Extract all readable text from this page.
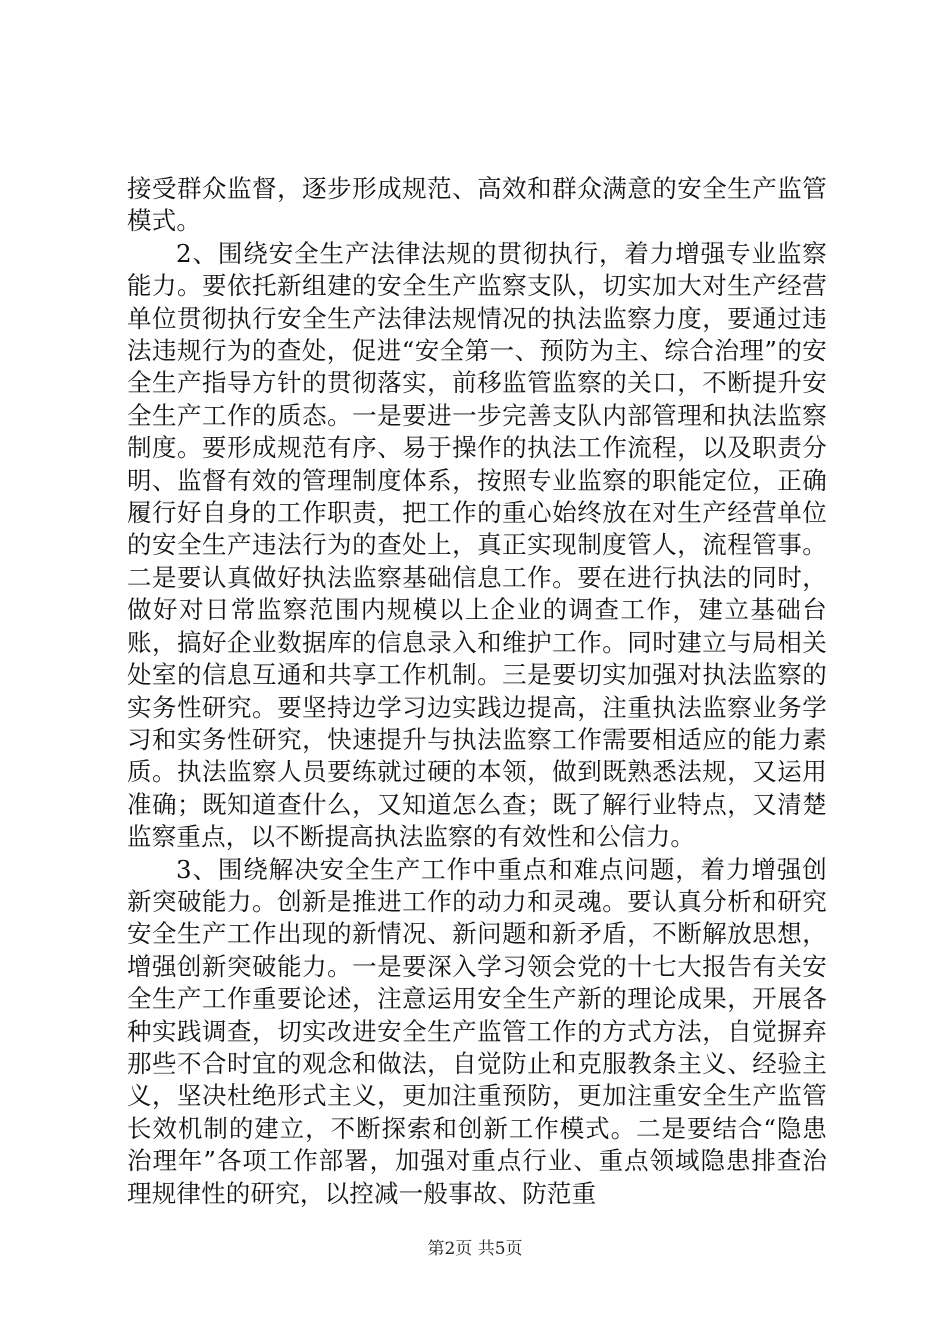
接受群众监督，逐步形成规范、高效和群众满意的安全生产监管模式。

2、围绕安全生产法律法规的贯彻执行，着力增强专业监察能力。要依托新组建的安全生产监察支队，切实加大对生产经营单位贯彻执行安全生产法律法规情况的执法监察力度，要通过违法违规行为的查处，促进“安全第一、预防为主、综合治理”的安全生产指导方针的贯彻落实，前移监管监察的关口，不断提升安全生产工作的质态。一是要进一步完善支队内部管理和执法监察制度。要形成规范有序、易于操作的执法工作流程，以及职责分明、监督有效的管理制度体系，按照专业监察的职能定位，正确履行好自身的工作职责，把工作的重心始终放在对生产经营单位的安全生产违法行为的查处上，真正实现制度管人，流程管事。二是要认真做好执法监察基础信息工作。要在进行执法的同时，做好对日常监察范围内规模以上企业的调查工作，建立基础台账，搞好企业数据库的信息录入和维护工作。同时建立与局相关处室的信息互通和共享工作机制。三是要切实加强对执法监察的实务性研究。要坚持边学习边实践边提高，注重执法监察业务学习和实务性研究，快速提升与执法监察工作需要相适应的能力素质。执法监察人员要练就过硬的本领，做到既熟悉法规，又运用准确；既知道查什么，又知道怎么查；既了解行业特点，又清楚监察重点，以不断提高执法监察的有效性和公信力。

3、围绕解决安全生产工作中重点和难点问题，着力增强创新突破能力。创新是推进工作的动力和灵魂。要认真分析和研究安全生产工作出现的新情况、新问题和新矛盾，不断解放思想，增强创新突破能力。一是要深入学习领会党的十七大报告有关安全生产工作重要论述，注意运用安全生产新的理论成果，开展各种实践调查，切实改进安全生产监管工作的方式方法，自觉摒弃那些不合时宜的观念和做法，自觉防止和克服教条主义、经验主义，坚决杜绝形式主义，更加注重预防，更加注重安全生产监管长效机制的建立，不断探索和创新工作模式。二是要结合“隐患治理年”各项工作部署，加强对重点行业、重点领域隐患排查治理规律性的研究，以控减一般事故、防范重

第2页 共5页
